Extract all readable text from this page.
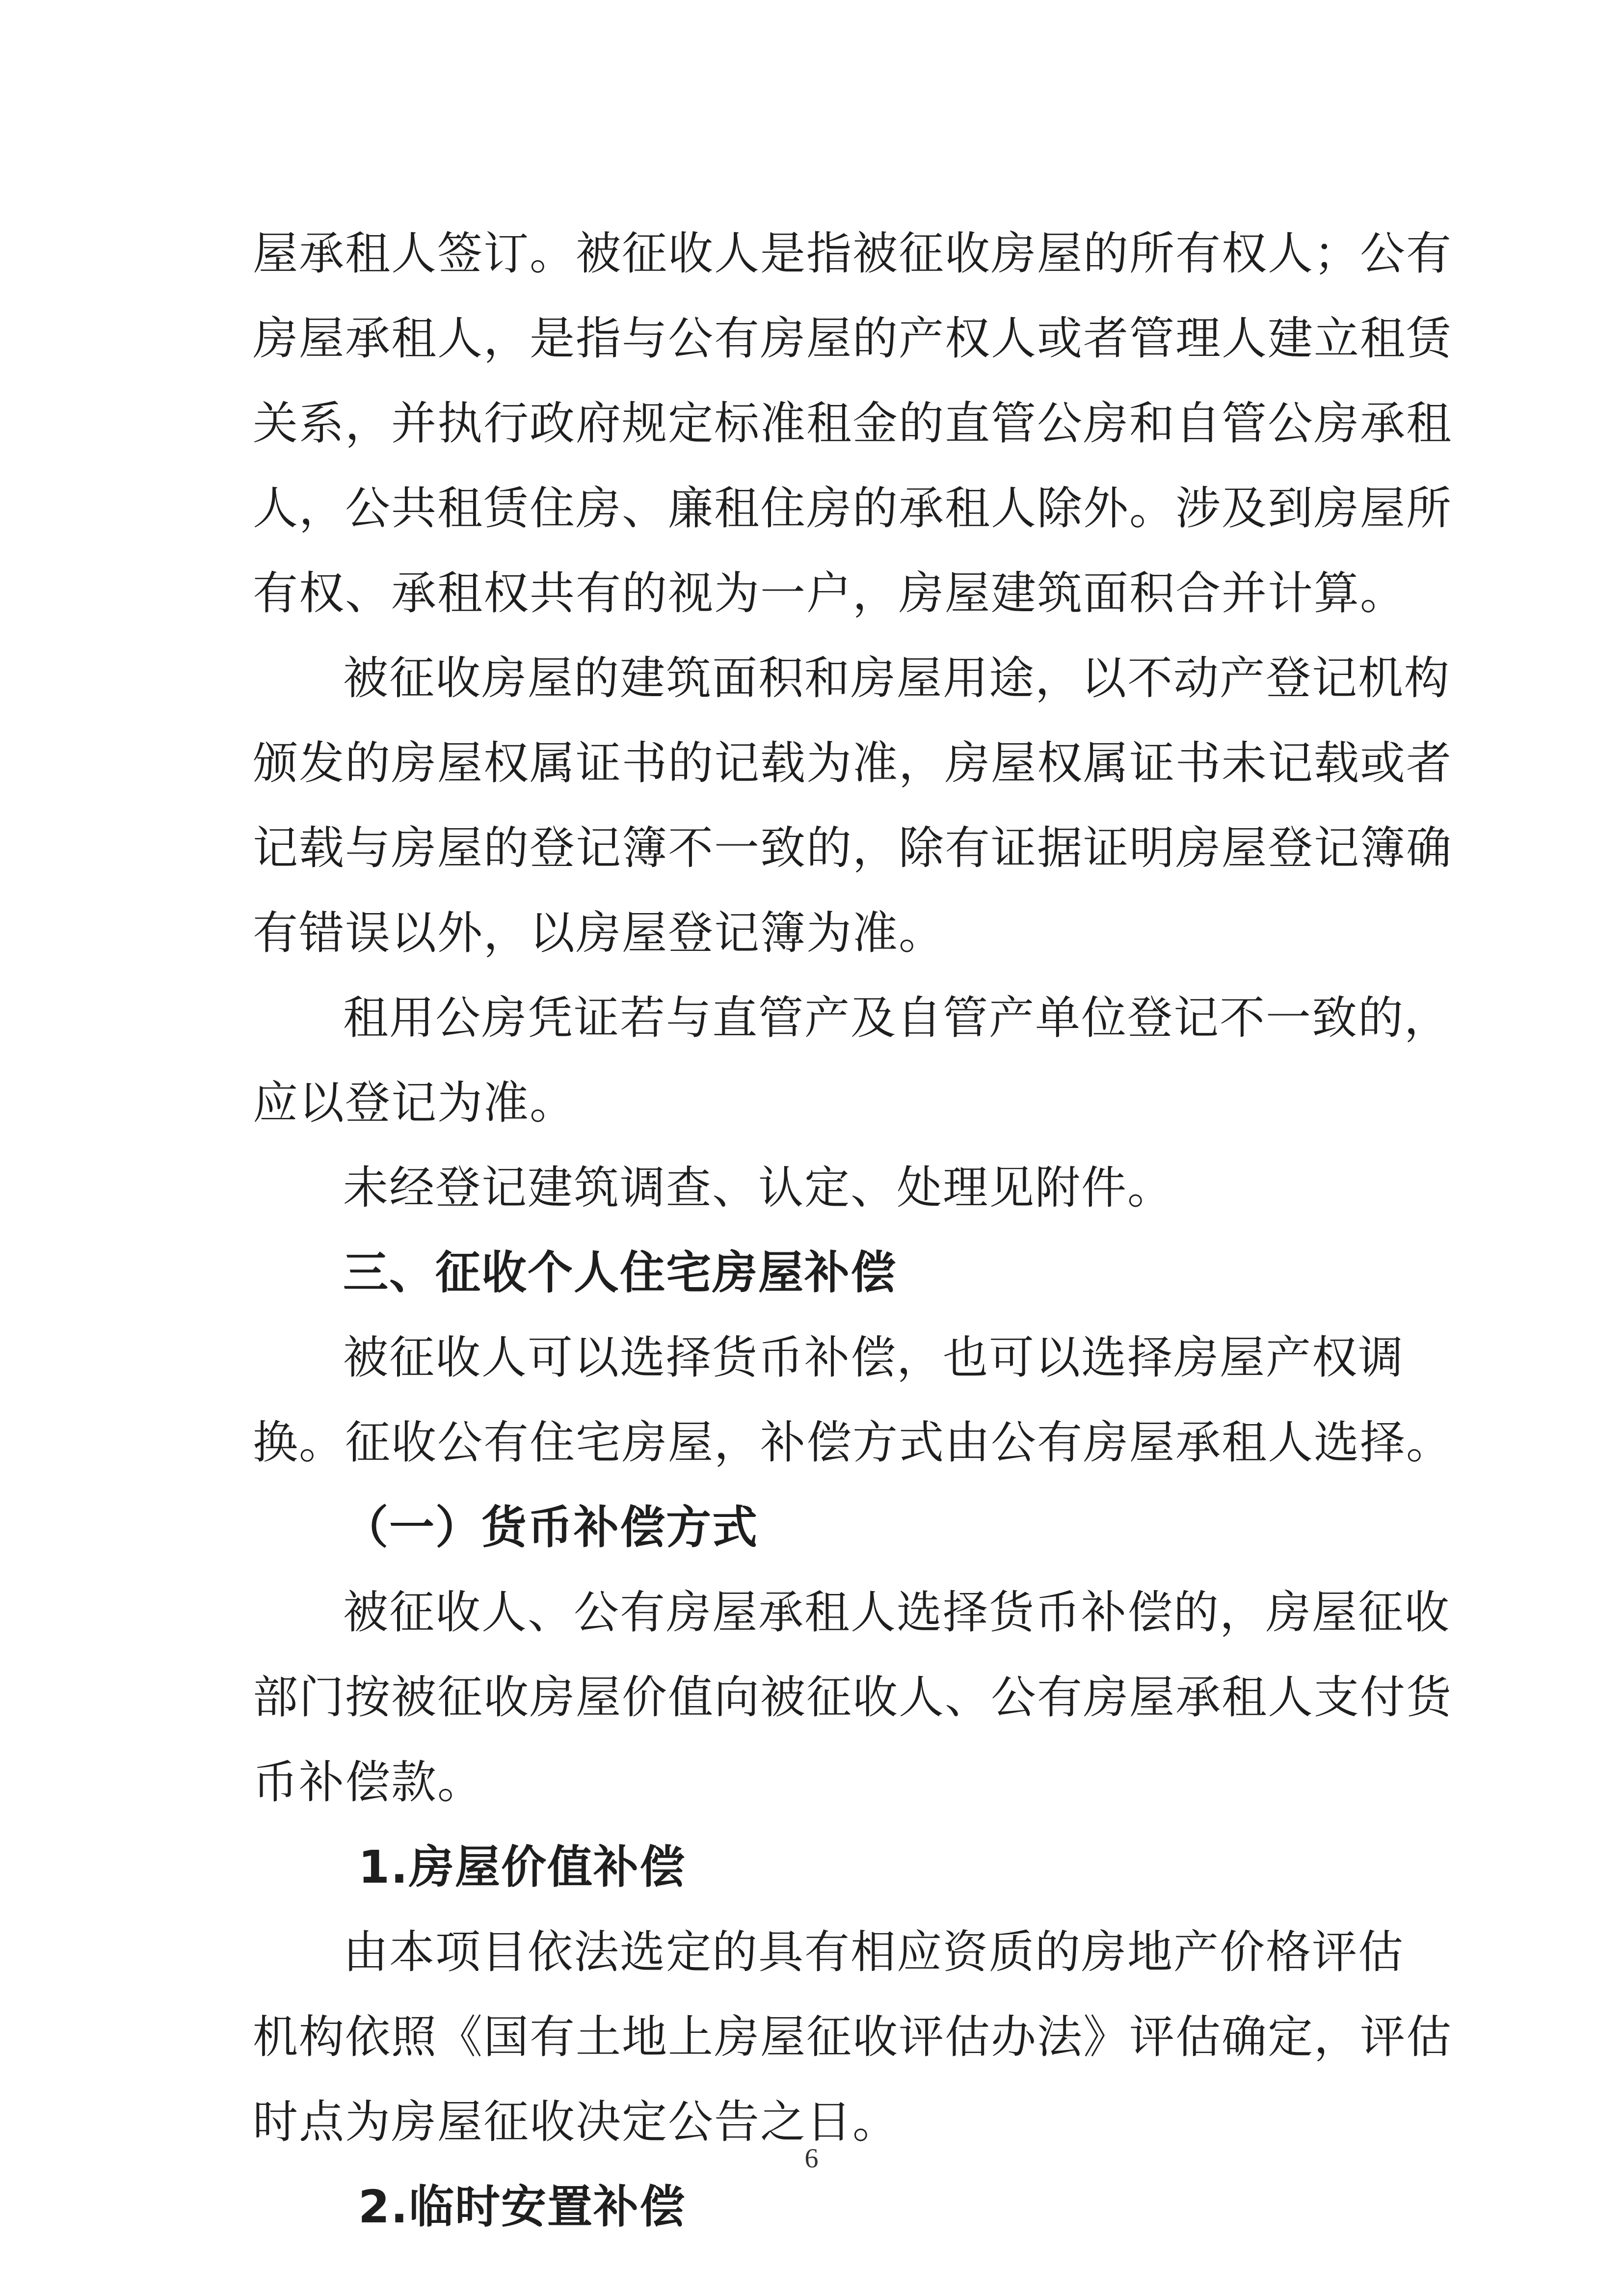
屋承租人签订。被征收人是指被征收房屋的所有权人；公有
房屋承租人，是指与公有房屋的产权人或者管理人建立租赁
关系，并执行政府规定标准租金的直管公房和自管公房承租
人，公共租赁住房、廉租住房的承租人除外。涉及到房屋所
有权、承租权共有的视为一户，房屋建筑面积合并计算。
被征收房屋的建筑面积和房屋用途，以不动产登记机构
颁发的房屋权属证书的记载为准，房屋权属证书未记载或者
记载与房屋的登记簿不一致的，除有证据证明房屋登记簿确
有错误以外，以房屋登记簿为准。
租用公房凭证若与直管产及自管产单位登记不一致的，
应以登记为准。
未经登记建筑调查、认定、处理见附件。
三、征收个人住宅房屋补偿
被征收人可以选择货币补偿，也可以选择房屋产权调
换。征收公有住宅房屋，补偿方式由公有房屋承租人选择。
（一）货币补偿方式
被征收人、公有房屋承租人选择货币补偿的，房屋征收
部门按被征收房屋价值向被征收人、公有房屋承租人支付货
币补偿款。
1.房屋价值补偿
由本项目依法选定的具有相应资质的房地产价格评估
机构依照《国有土地上房屋征收评估办法》评估确定，评估
时点为房屋征收决定公告之日。
2.临时安置补偿
6
